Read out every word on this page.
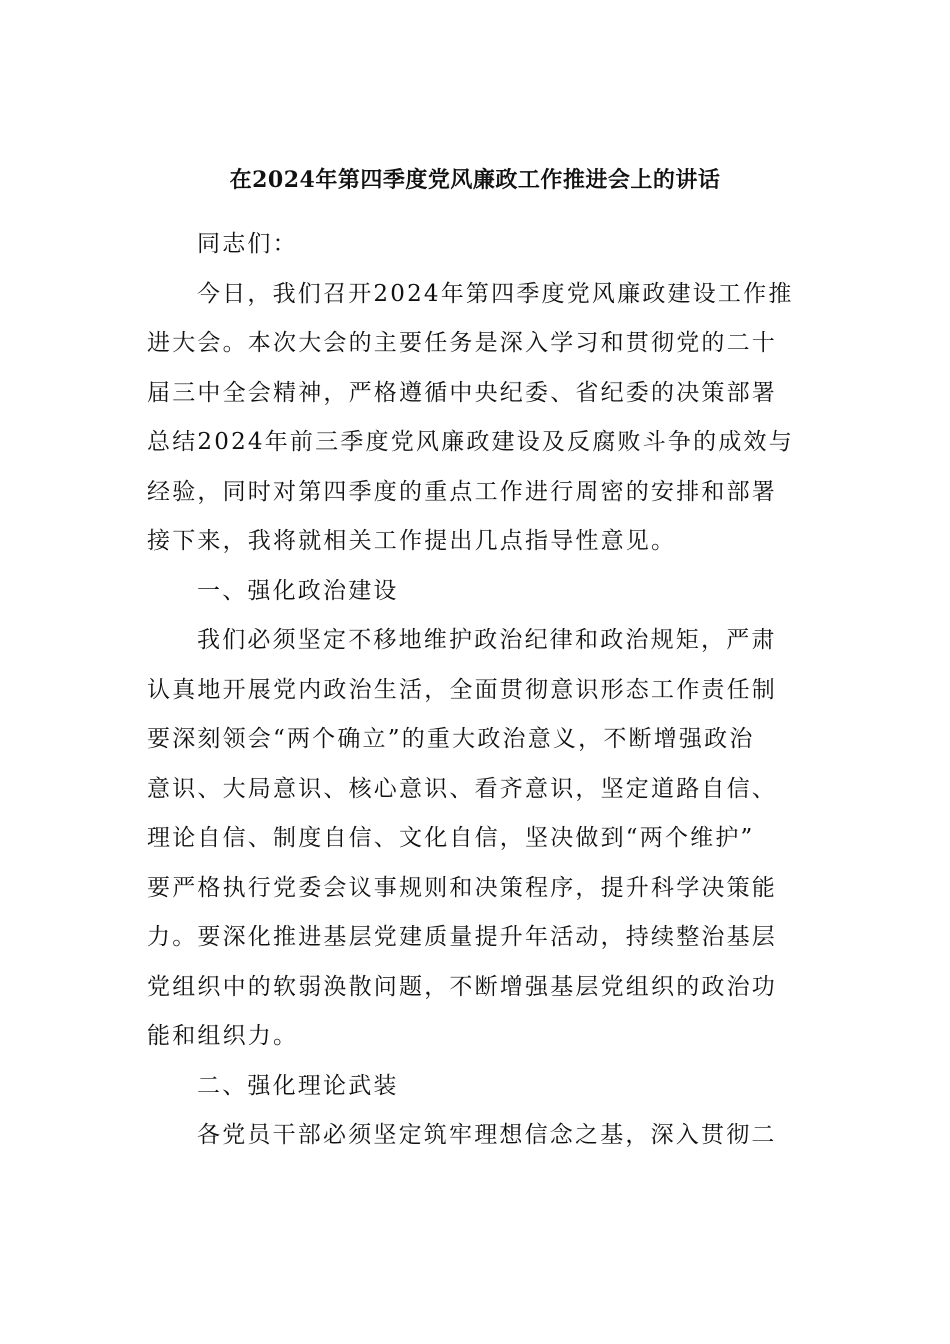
在2024年第四季度党风廉政工作推进会上的讲话
同志们：
今日，我们召开2024年第四季度党风廉政建设工作推
进大会。本次大会的主要任务是深入学习和贯彻党的二十
届三中全会精神，严格遵循中央纪委、省纪委的决策部署
总结2024年前三季度党风廉政建设及反腐败斗争的成效与
经验，同时对第四季度的重点工作进行周密的安排和部署
接下来，我将就相关工作提出几点指导性意见。
一、强化政治建设
我们必须坚定不移地维护政治纪律和政治规矩，严肃
认真地开展党内政治生活，全面贯彻意识形态工作责任制
要深刻领会“两个确立”的重大政治意义，不断增强政治
意识、大局意识、核心意识、看齐意识，坚定道路自信、
理论自信、制度自信、文化自信，坚决做到“两个维护”
要严格执行党委会议事规则和决策程序，提升科学决策能
力。要深化推进基层党建质量提升年活动，持续整治基层
党组织中的软弱涣散问题，不断增强基层党组织的政治功
能和组织力。
二、强化理论武装
各党员干部必须坚定筑牢理想信念之基，深入贯彻二
